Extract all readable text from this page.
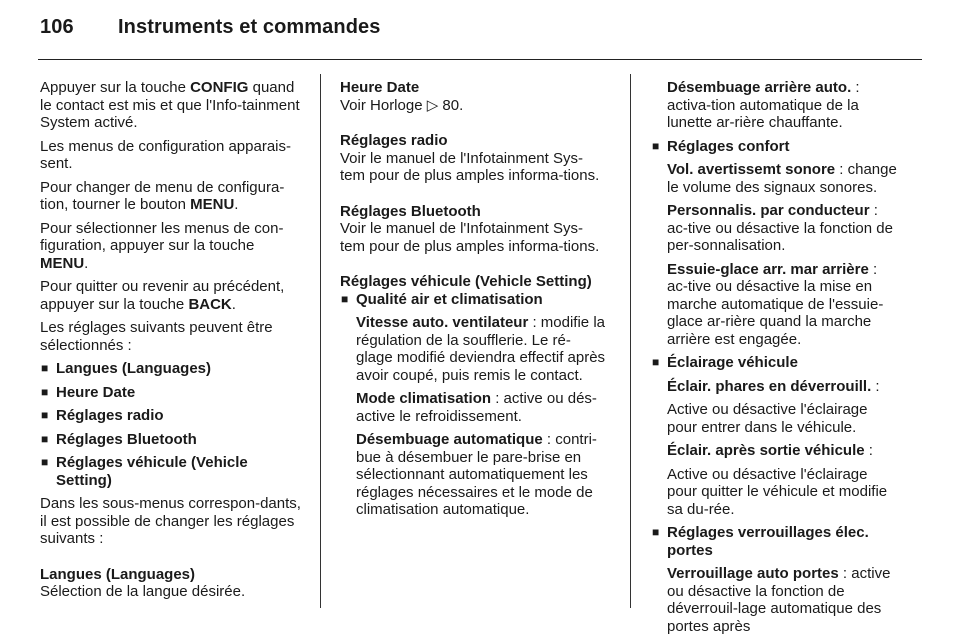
106 Instruments et commandes

Appuyer sur la touche CONFIG quand le contact est mis et que l'Info-tainment System activé.

Les menus de configuration apparais-sent.

Pour changer de menu de configura-tion, tourner le bouton MENU.

Pour sélectionner les menus de con-figuration, appuyer sur la touche MENU.

Pour quitter ou revenir au précédent, appuyer sur la touche BACK.

Les réglages suivants peuvent être sélectionnés :

■ Langues (Languages)
■ Heure Date
■ Réglages radio
■ Réglages Bluetooth
■ Réglages véhicule (Vehicle Setting)

Dans les sous-menus correspon-dants, il est possible de changer les réglages suivants :

Langues (Languages)

Sélection de la langue désirée.

Heure Date

Voir Horloge ▷ 80.

Réglages radio

Voir le manuel de l'Infotainment Sys-tem pour de plus amples informa-tions.

Réglages Bluetooth

Voir le manuel de l'Infotainment Sys-tem pour de plus amples informa-tions.

Réglages véhicule (Vehicle Setting)

■ Qualité air et climatisation

Vitesse auto. ventilateur : modifie la régulation de la soufflerie. Le ré-glage modifié deviendra effectif après avoir coupé, puis remis le contact.

Mode climatisation : active ou dés-active le refroidissement.

Désembuage automatique : contri-bue à désembuer le pare-brise en sélectionnant automatiquement les réglages nécessaires et le mode de climatisation automatique.

Désembuage arrière auto. : activa-tion automatique de la lunette ar-rière chauffante.

■ Réglages confort

Vol. avertissemt sonore : change le volume des signaux sonores.

Personnalis. par conducteur : ac-tive ou désactive la fonction de per-sonnalisation.

Essuie-glace arr. mar arrière : ac-tive ou désactive la mise en marche automatique de l'essuie-glace ar-rière quand la marche arrière est engagée.

■ Éclairage véhicule

Éclair. phares en déverrouill. :

Active ou désactive l'éclairage pour entrer dans le véhicule.

Éclair. après sortie véhicule :

Active ou désactive l'éclairage pour quitter le véhicule et modifie sa du-rée.

■ Réglages verrouillages élec. portes

Verrouillage auto portes : active ou désactive la fonction de déverrouil-lage automatique des portes après
